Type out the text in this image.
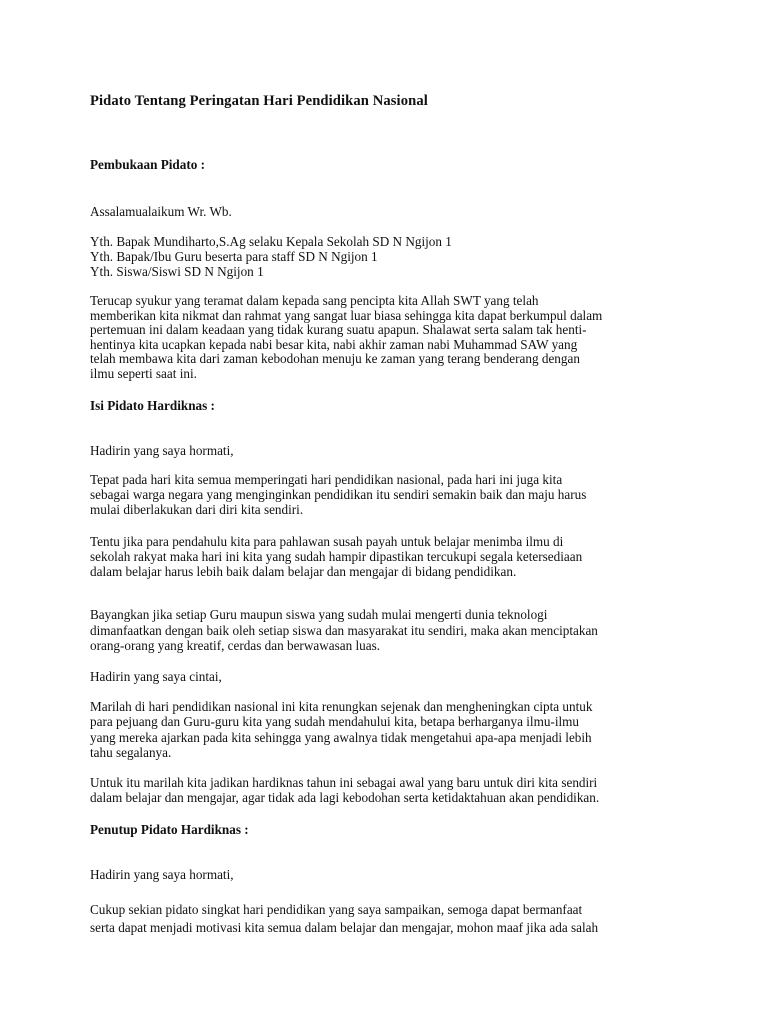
Pidato Tentang Peringatan Hari Pendidikan Nasional

Pembukaan Pidato :

Assalamualaikum Wr. Wb.

Yth. Bapak Mundiharto,S.Ag selaku Kepala Sekolah SD N Ngijon 1

Yth. Bapak/Ibu Guru beserta para staff SD N Ngijon 1

Yth. Siswa/Siswi SD N Ngijon 1

Terucap syukur yang teramat dalam kepada sang pencipta kita Allah SWT yang telah

memberikan kita nikmat dan rahmat yang sangat luar biasa sehingga kita dapat berkumpul dalam

pertemuan ini dalam keadaan yang tidak kurang suatu apapun. Shalawat serta salam tak henti-

hentinya kita ucapkan kepada nabi besar kita, nabi akhir zaman nabi Muhammad SAW yang

telah membawa kita dari zaman kebodohan menuju ke zaman yang terang benderang dengan

ilmu seperti saat ini.

Isi Pidato Hardiknas :

Hadirin yang saya hormati,

Tepat pada hari kita semua memperingati hari pendidikan nasional, pada hari ini juga kita

sebagai warga negara yang menginginkan pendidikan itu sendiri semakin baik dan maju harus

mulai diberlakukan dari diri kita sendiri.

Tentu jika para pendahulu kita para pahlawan susah payah untuk belajar menimba ilmu di

sekolah rakyat maka hari ini kita yang sudah hampir dipastikan tercukupi segala ketersediaan

dalam belajar harus lebih baik dalam belajar dan mengajar di bidang pendidikan.

Bayangkan jika setiap Guru maupun siswa yang sudah mulai mengerti dunia teknologi

dimanfaatkan dengan baik oleh setiap siswa dan masyarakat itu sendiri, maka akan menciptakan

orang-orang yang kreatif, cerdas dan berwawasan luas.

Hadirin yang saya cintai,

Marilah di hari pendidikan nasional ini kita renungkan sejenak dan mengheningkan cipta untuk

para pejuang dan Guru-guru kita yang sudah mendahului kita, betapa berharganya ilmu-ilmu

yang mereka ajarkan pada kita sehingga yang awalnya tidak mengetahui apa-apa menjadi lebih

tahu segalanya.

Untuk itu marilah kita jadikan hardiknas tahun ini sebagai awal yang baru untuk diri kita sendiri

dalam belajar dan mengajar, agar tidak ada lagi kebodohan serta ketidaktahuan akan pendidikan.

Penutup Pidato Hardiknas :

Hadirin yang saya hormati,

Cukup sekian pidato singkat hari pendidikan yang saya sampaikan, semoga dapat bermanfaat

serta dapat menjadi motivasi kita semua dalam belajar dan mengajar, mohon maaf jika ada salah
